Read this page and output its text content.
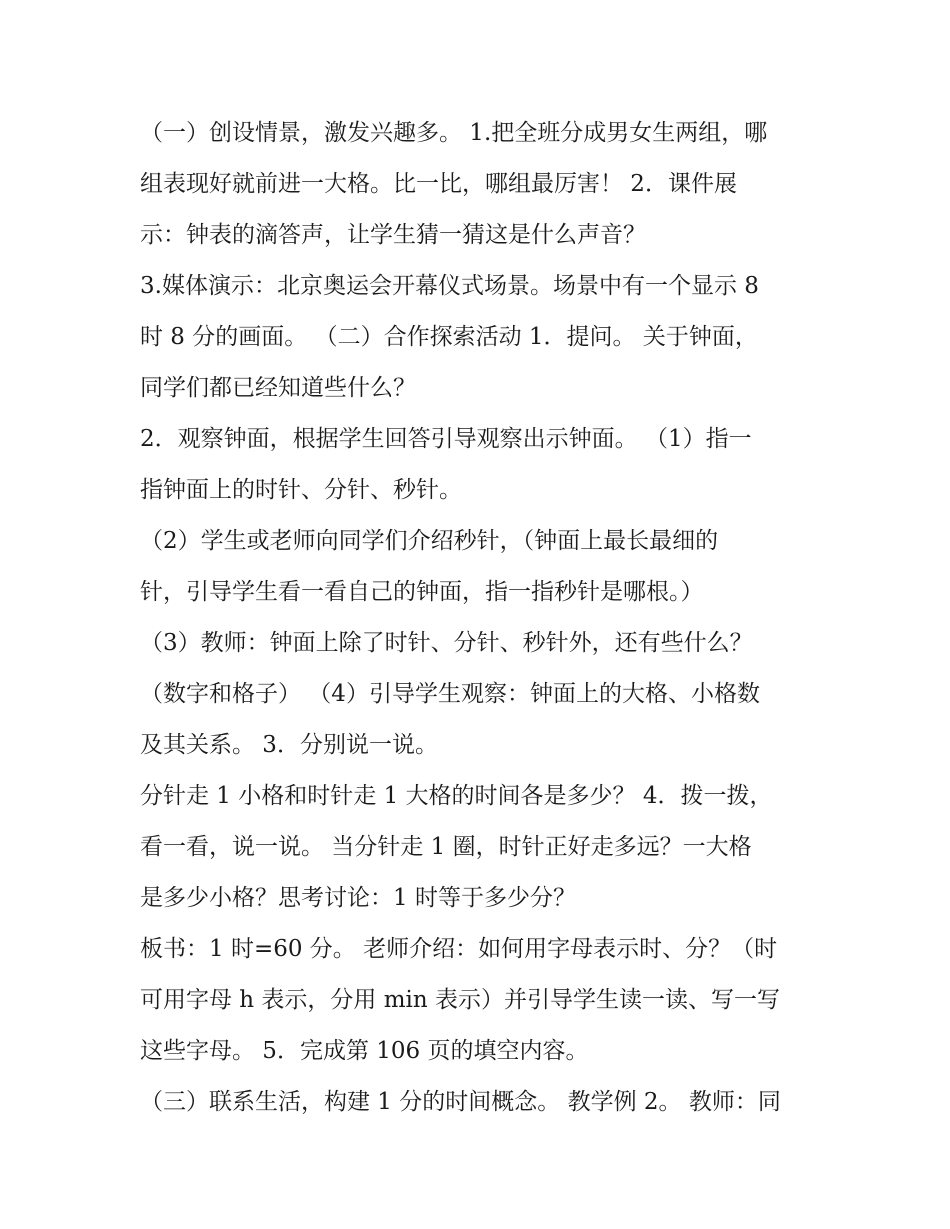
（一）创设情景，激发兴趣多。 1.把全班分成男女生两组，哪
组表现好就前进一大格。比一比，哪组最厉害！ 2．课件展
示：钟表的滴答声，让学生猜一猜这是什么声音？
3.媒体演示：北京奥运会开幕仪式场景。场景中有一个显示 8
时 8 分的画面。 （二）合作探索活动 1．提问。 关于钟面，
同学们都已经知道些什么？
2．观察钟面，根据学生回答引导观察出示钟面。 （1）指一
指钟面上的时针、分针、秒针。
（2）学生或老师向同学们介绍秒针，（钟面上最长最细的
针，引导学生看一看自己的钟面，指一指秒针是哪根。）
（3）教师：钟面上除了时针、分针、秒针外，还有些什么？
（数字和格子） （4）引导学生观察：钟面上的大格、小格数
及其关系。 3．分别说一说。
分针走 1 小格和时针走 1 大格的时间各是多少？ 4．拨一拨，
看一看，说一说。 当分针走 1 圈，时针正好走多远？一大格
是多少小格？思考讨论：1 时等于多少分？
板书：1 时=60 分。 老师介绍：如何用字母表示时、分？（时
可用字母 h 表示，分用 min 表示）并引导学生读一读、写一写
这些字母。 5．完成第 106 页的填空内容。
（三）联系生活，构建 1 分的时间概念。 教学例 2。 教师：同
